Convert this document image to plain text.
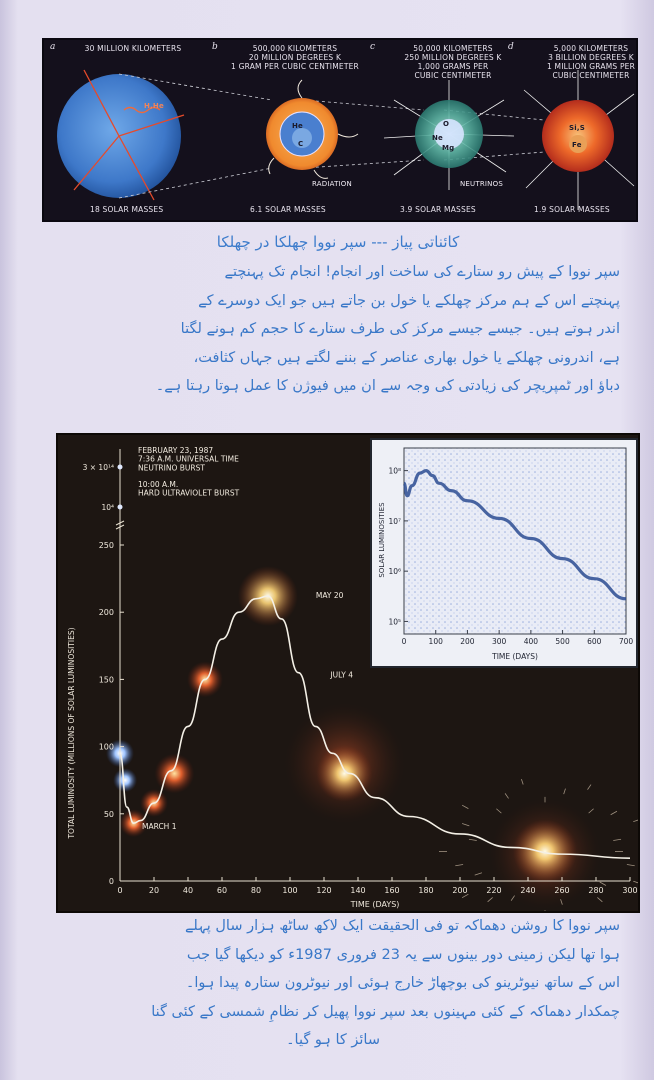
a	30 MILLION KILOMETERS
18 SOLAR MASSES
H,He
b	500,000 KILOMETERS
20 MILLION DEGREES K
1 GRAM PER CUBIC CENTIMETER
6.1 SOLAR MASSES
RADIATION
He
C
c	50,000 KILOMETERS
250 MILLION DEGREES K
1,000 GRAMS PER
CUBIC CENTIMETER
3.9 SOLAR MASSES
NEUTRINOS
O
Ne
Mg
d	5,000 KILOMETERS
3 BILLION DEGREES K
1 MILLION GRAMS PER
CUBIC CENTIMETER
1.9 SOLAR MASSES
Si,S
Fe
کائناتی پیاز --- سپر نووا چھلکا در چھلکا
سپر نووا کے پیش رو ستارے کی ساخت اور انجام! انجام تک پہنچتے
پہنچتے اس کے ہم مرکز چھلکے یا خول بن جاتے ہیں جو ایک دوسرے کے
اندر ہوتے ہیں۔ جیسے جیسے مرکز کی طرف ستارے کا حجم کم ہونے لگتا
ہے، اندرونی چھلکے یا خول بھاری عناصر کے بننے لگتے ہیں جہاں کثافت،
دباؤ اور ٹمپریچر کی زیادتی کی وجہ سے ان میں فیوژن کا عمل ہوتا رہتا ہے۔
0	20	40	60	80	100 120 140 160 180 200 220 240 260 280 300
0
50
100
150
200
250
10⁴
3 × 10¹⁴
TIME (DAYS)
TOTAL LUMINOSITY (MILLIONS OF SOLAR LUMINOSITIES)
FEBRUARY 23, 1987 7:36 A.M. UNIVERSAL TIME NEUTRINO BURST
10:00 A.M. HARD ULTRAVIOLET BURST
MARCH 1
MAY 20
JULY 4
0	100 200 300 400 500 600 700
10⁸
10⁷
10⁶
10⁵
TIME (DAYS)
SOLAR LUMINOSITIES
سپر نووا کا روشن دھماکہ تو فی الحقیقت ایک لاکھ ساٹھ ہزار سال پہلے
ہوا تھا لیکن زمینی دور بینوں سے یہ 23 فروری 1987ء کو دیکھا گیا جب
اس کے ساتھ نیوٹرینو کی بوچھاڑ خارج ہوئی اور نیوٹرون ستارہ پیدا ہوا۔
چمکدار دھماکہ کے کئی مہینوں بعد سپر نووا پھیل کر نظامِ شمسی کے کئی گنا
سائز کا ہو گیا۔
